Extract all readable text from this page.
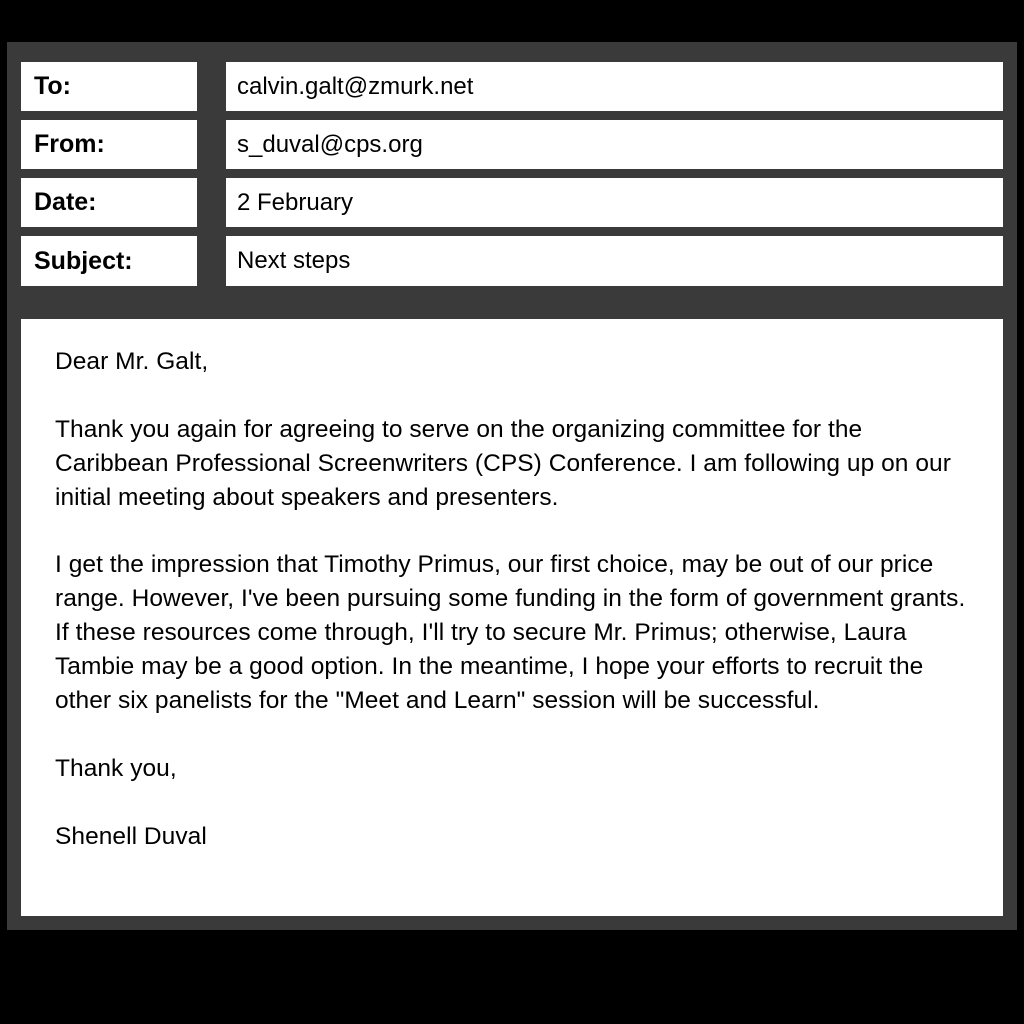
To:	calvin.galt@zmurk.net
From:	s_duval@cps.org
Date:	2 February
Subject:	Next steps

Dear Mr. Galt,

Thank you again for agreeing to serve on the organizing committee for the Caribbean Professional Screenwriters (CPS) Conference. I am following up on our initial meeting about speakers and presenters.

I get the impression that Timothy Primus, our first choice, may be out of our price range. However, I've been pursuing some funding in the form of government grants. If these resources come through, I'll try to secure Mr. Primus; otherwise, Laura Tambie may be a good option. In the meantime, I hope your efforts to recruit the other six panelists for the "Meet and Learn" session will be successful.

Thank you,

Shenell Duval
